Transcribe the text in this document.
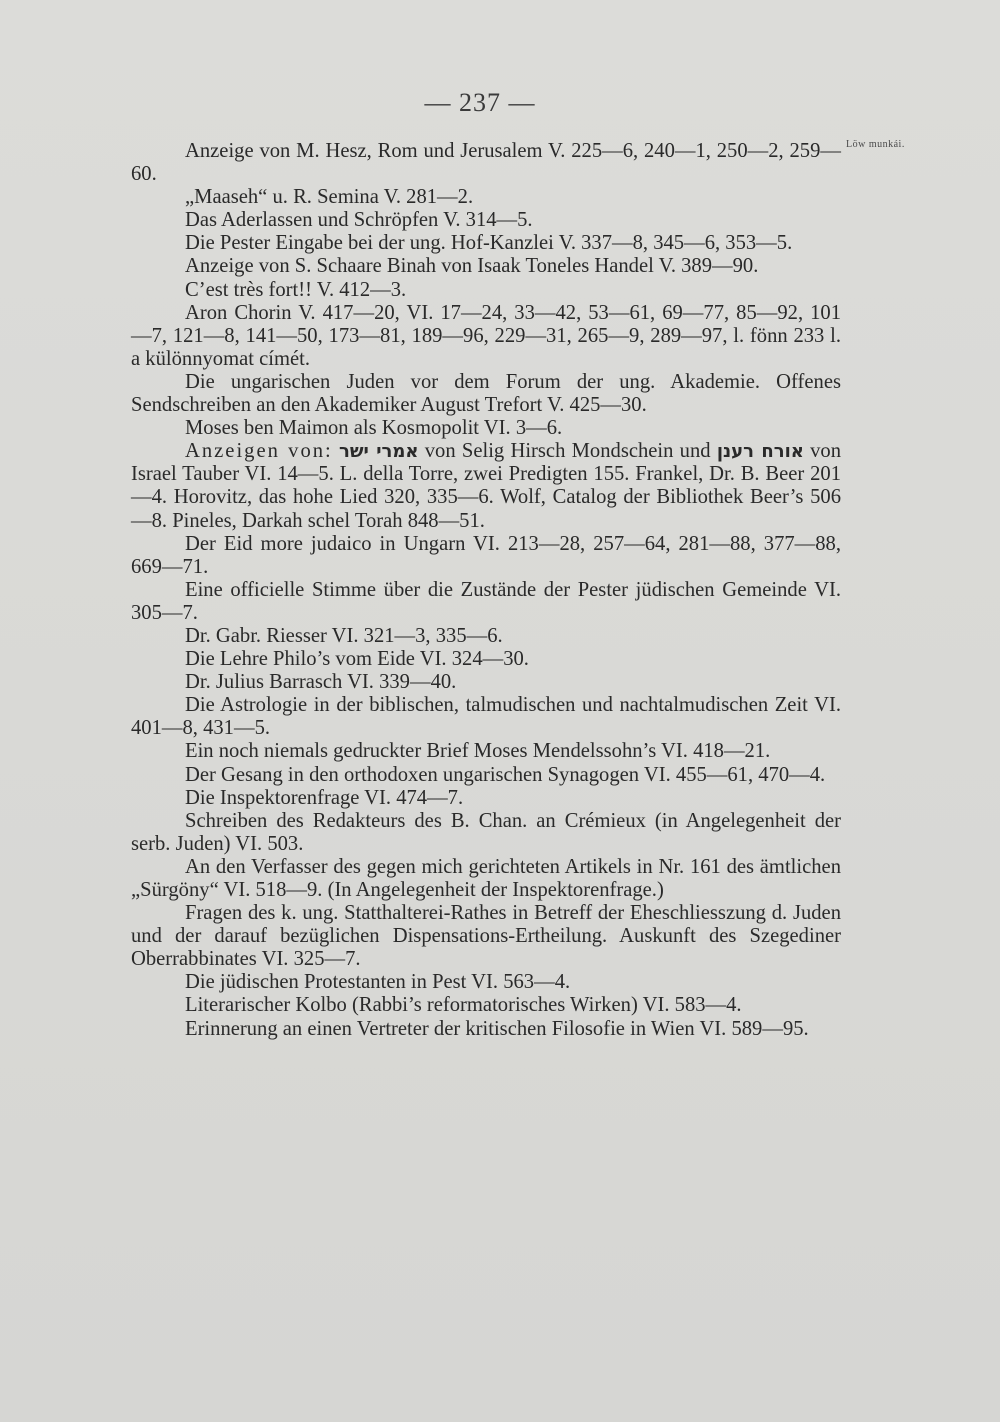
— 237 —
Löw munkái.

Anzeige von M. Hesz, Rom und Jerusalem V. 225—6, 240—1, 250—2, 259—60.

„Maaseh“ u. R. Semina V. 281—2.

Das Aderlassen und Schröpfen V. 314—5.

Die Pester Eingabe bei der ung. Hof-Kanzlei V. 337—8, 345—6, 353—5.

Anzeige von S. Schaare Binah von Isaak Toneles Handel V. 389—90.

C’est très fort!! V. 412—3.

Aron Chorin V. 417—20, VI. 17—24, 33—42, 53—61, 69—77, 85—92, 101—7, 121—8, 141—50, 173—81, 189—96, 229—31, 265—9, 289—97, l. fönn 233 l. a különnyomat címét.

Die ungarischen Juden vor dem Forum der ung. Akademie. Offenes Sendschreiben an den Akademiker August Trefort V. 425—30.

Moses ben Maimon als Kosmopolit VI. 3—6.

Anzeigen von: אמרי ישר von Selig Hirsch Mondschein und אורח רענן von Israel Tauber VI. 14—5. L. della Torre, zwei Predigten 155. Frankel, Dr. B. Beer 201—4. Horovitz, das hohe Lied 320, 335—6. Wolf, Catalog der Bibliothek Beer’s 506—8. Pineles, Darkah schel Torah 848—51.

Der Eid more judaico in Ungarn VI. 213—28, 257—64, 281—88, 377—88, 669—71.

Eine officielle Stimme über die Zustände der Pester jüdischen Gemeinde VI. 305—7.

Dr. Gabr. Riesser VI. 321—3, 335—6.

Die Lehre Philo’s vom Eide VI. 324—30.

Dr. Julius Barrasch VI. 339—40.

Die Astrologie in der biblischen, talmudischen und nachtalmudischen Zeit VI. 401—8, 431—5.

Ein noch niemals gedruckter Brief Moses Mendelssohn’s VI. 418—21.

Der Gesang in den orthodoxen ungarischen Synagogen VI. 455—61, 470—4.

Die Inspektorenfrage VI. 474—7.

Schreiben des Redakteurs des B. Chan. an Crémieux (in Angelegenheit der serb. Juden) VI. 503.

An den Verfasser des gegen mich gerichteten Artikels in Nr. 161 des ämtlichen „Sürgöny“ VI. 518—9. (In Angelegenheit der Inspektorenfrage.)

Fragen des k. ung. Statthalterei-Rathes in Betreff der Eheschliesszung d. Juden und der darauf bezüglichen Dispensations-Ertheilung. Auskunft des Szegediner Oberrabbinates VI. 325—7.

Die jüdischen Protestanten in Pest VI. 563—4.

Literarischer Kolbo (Rabbi’s reformatorisches Wirken) VI. 583—4.

Erinnerung an einen Vertreter der kritischen Filosofie in Wien VI. 589—95.
